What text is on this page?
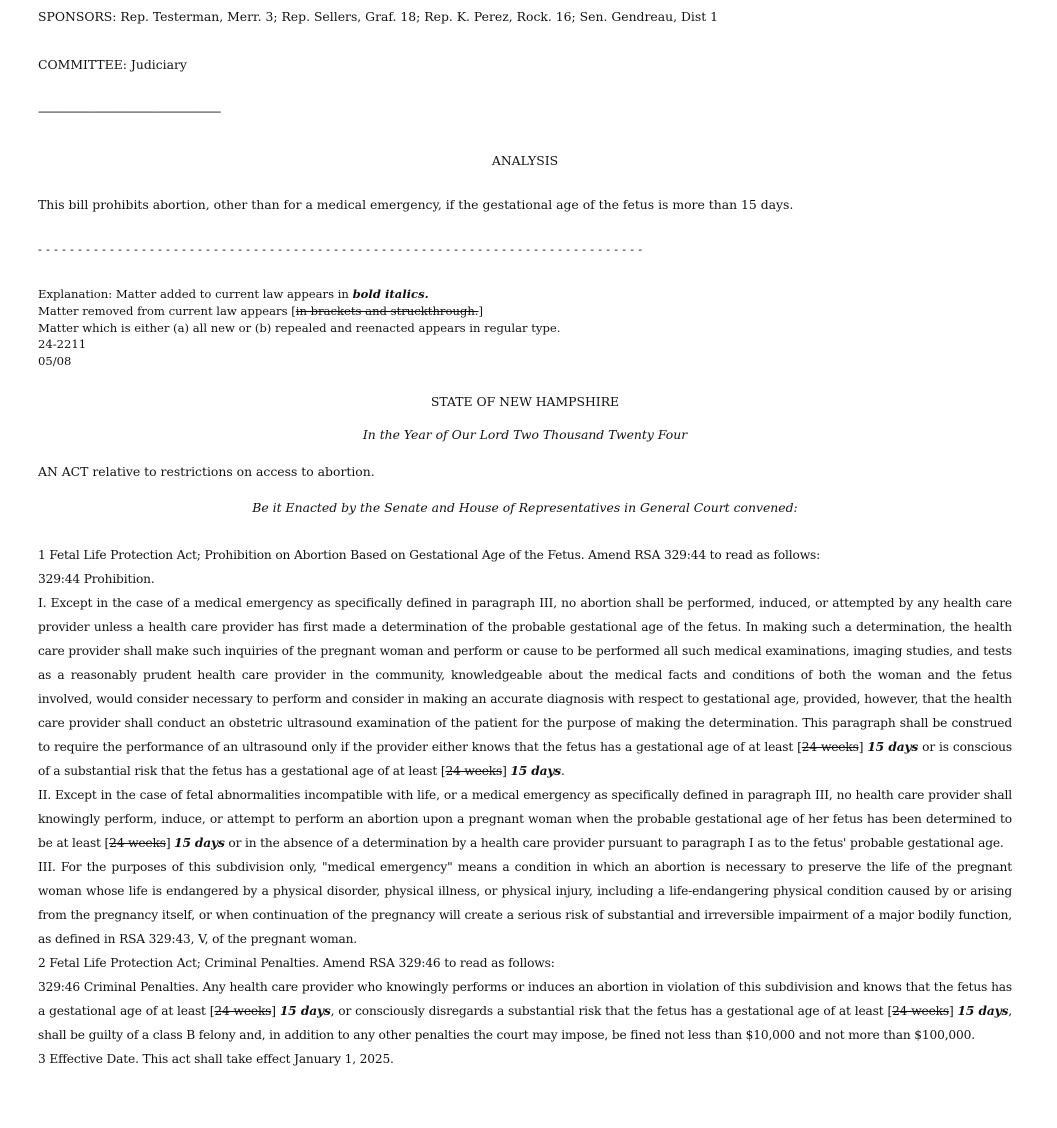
SPONSORS: Rep. Testerman, Merr. 3; Rep. Sellers, Graf. 18; Rep. K. Perez, Rock. 16; Sen. Gendreau, Dist 1
COMMITTEE: Judiciary
-------------------------------------------------------------------
ANALYSIS
This bill prohibits abortion, other than for a medical emergency, if the gestational age of the fetus is more than 15 days.
- - - - - - - - - - - - - - - - - - - - - - - - - - - - - - - - - - - - - - - - - - - - - - - - - - - - - - - - - - - - - - - - - - - - - - - - - - - -
Explanation: Matter added to current law appears in bold italics.
Matter removed from current law appears [in brackets and struckthrough.]
Matter which is either (a) all new or (b) repealed and reenacted appears in regular type.
24-2211
05/08
STATE OF NEW HAMPSHIRE
In the Year of Our Lord Two Thousand Twenty Four
AN ACT relative to restrictions on access to abortion.
Be it Enacted by the Senate and House of Representatives in General Court convened:

1 Fetal Life Protection Act; Prohibition on Abortion Based on Gestational Age of the Fetus. Amend RSA 329:44 to read as follows:

329:44 Prohibition.

I. Except in the case of a medical emergency as specifically defined in paragraph III, no abortion shall be performed, induced, or attempted by any health care provider unless a health care provider has first made a determination of the probable gestational age of the fetus. In making such a determination, the health care provider shall make such inquiries of the pregnant woman and perform or cause to be performed all such medical examinations, imaging studies, and tests as a reasonably prudent health care provider in the community, knowledgeable about the medical facts and conditions of both the woman and the fetus involved, would consider necessary to perform and consider in making an accurate diagnosis with respect to gestational age, provided, however, that the health care provider shall conduct an obstetric ultrasound examination of the patient for the purpose of making the determination. This paragraph shall be construed to require the performance of an ultrasound only if the provider either knows that the fetus has a gestational age of at least [24 weeks] 15 days or is conscious of a substantial risk that the fetus has a gestational age of at least [24 weeks] 15 days.

II. Except in the case of fetal abnormalities incompatible with life, or a medical emergency as specifically defined in paragraph III, no health care provider shall knowingly perform, induce, or attempt to perform an abortion upon a pregnant woman when the probable gestational age of her fetus has been determined to be at least [24 weeks] 15 days or in the absence of a determination by a health care provider pursuant to paragraph I as to the fetus' probable gestational age.

III. For the purposes of this subdivision only, "medical emergency" means a condition in which an abortion is necessary to preserve the life of the pregnant woman whose life is endangered by a physical disorder, physical illness, or physical injury, including a life-endangering physical condition caused by or arising from the pregnancy itself, or when continuation of the pregnancy will create a serious risk of substantial and irreversible impairment of a major bodily function, as defined in RSA 329:43, V, of the pregnant woman.

2 Fetal Life Protection Act; Criminal Penalties. Amend RSA 329:46 to read as follows:

329:46 Criminal Penalties. Any health care provider who knowingly performs or induces an abortion in violation of this subdivision and knows that the fetus has a gestational age of at least [24 weeks] 15 days, or consciously disregards a substantial risk that the fetus has a gestational age of at least [24 weeks] 15 days, shall be guilty of a class B felony and, in addition to any other penalties the court may impose, be fined not less than $10,000 and not more than $100,000.

3 Effective Date. This act shall take effect January 1, 2025.
